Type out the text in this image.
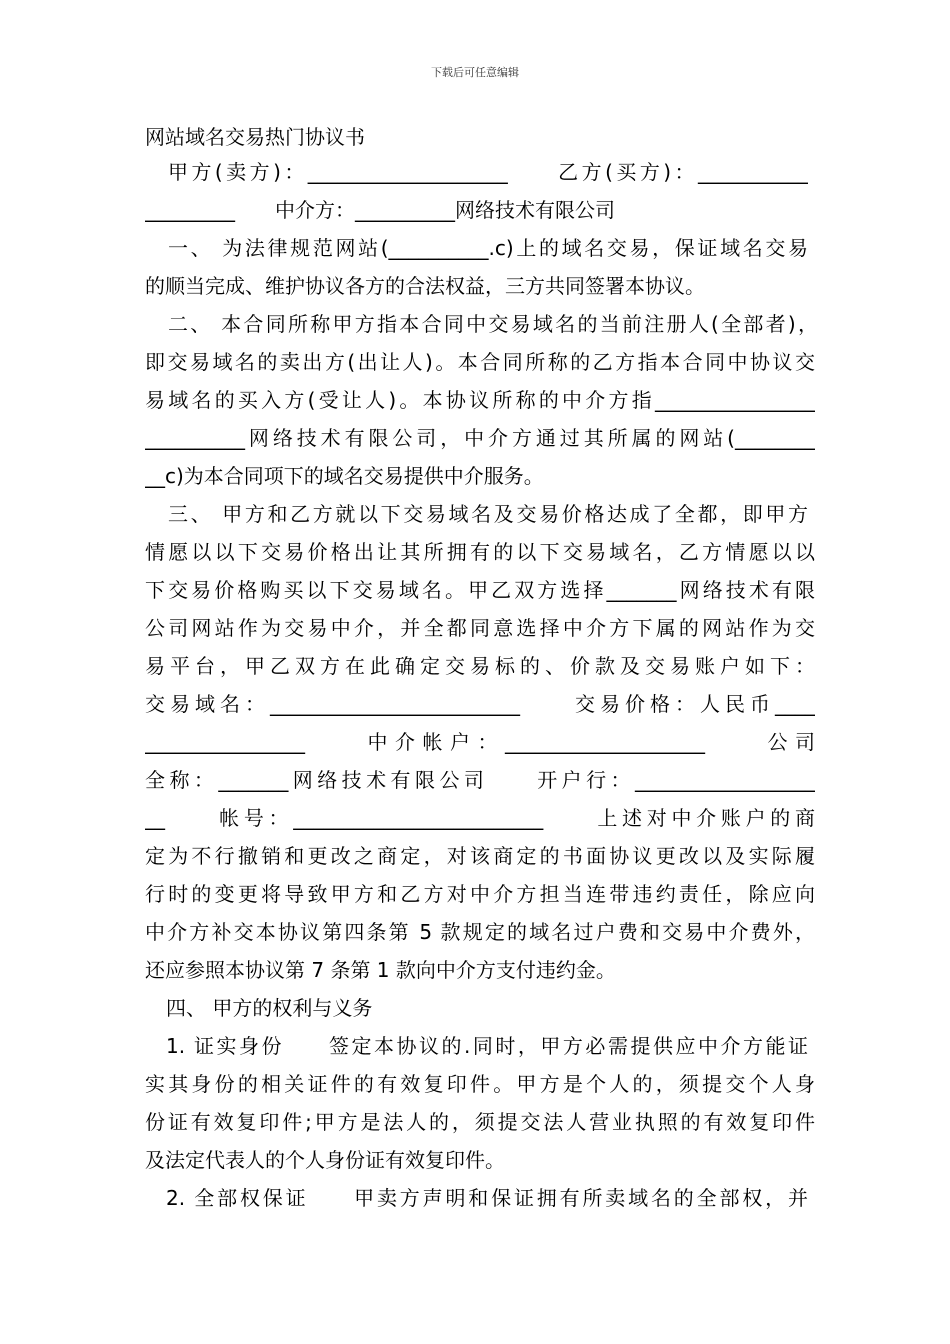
下载后可任意编辑
网站域名交易热门协议书
甲方(卖方)：____________________　　乙方(买方)：___________
_________　　中介方：__________网络技术有限公司
一、 为法律规范网站(__________.c)上的域名交易，保证域名交易
的顺当完成、维护协议各方的合法权益，三方共同签署本协议。
二、 本合同所称甲方指本合同中交易域名的当前注册人(全部者)，
即交易域名的卖出方(出让人)。本合同所称的乙方指本合同中协议交
易域名的买入方(受让人)。本协议所称的中介方指________________
__________网络技术有限公司，中介方通过其所属的网站(________
__c)为本合同项下的域名交易提供中介服务。
三、 甲方和乙方就以下交易域名及交易价格达成了全都，即甲方
情愿以以下交易价格出让其所拥有的以下交易域名，乙方情愿以以
下交易价格购买以下交易域名。甲乙双方选择_______网络技术有限
公司网站作为交易中介，并全都同意选择中介方下属的网站作为交
易平台，甲乙双方在此确定交易标的、价款及交易账户如下：
交易域名：_________________________　　交易价格：人民币____
________________　　中介帐户：____________________　　公司
全称：_______网络技术有限公司　　开户行：__________________
__　　帐号：_________________________　　上述对中介账户的商
定为不行撤销和更改之商定，对该商定的书面协议更改以及实际履
行时的变更将导致甲方和乙方对中介方担当连带违约责任，除应向
中介方补交本协议第四条第 5 款规定的域名过户费和交易中介费外，
还应参照本协议第 7 条第 1 款向中介方支付违约金。
四、 甲方的权利与义务
1. 证实身份　　签定本协议的.同时，甲方必需提供应中介方能证
实其身份的相关证件的有效复印件。甲方是个人的，须提交个人身
份证有效复印件;甲方是法人的，须提交法人营业执照的有效复印件
及法定代表人的个人身份证有效复印件。
2. 全部权保证　　甲卖方声明和保证拥有所卖域名的全部权，并
